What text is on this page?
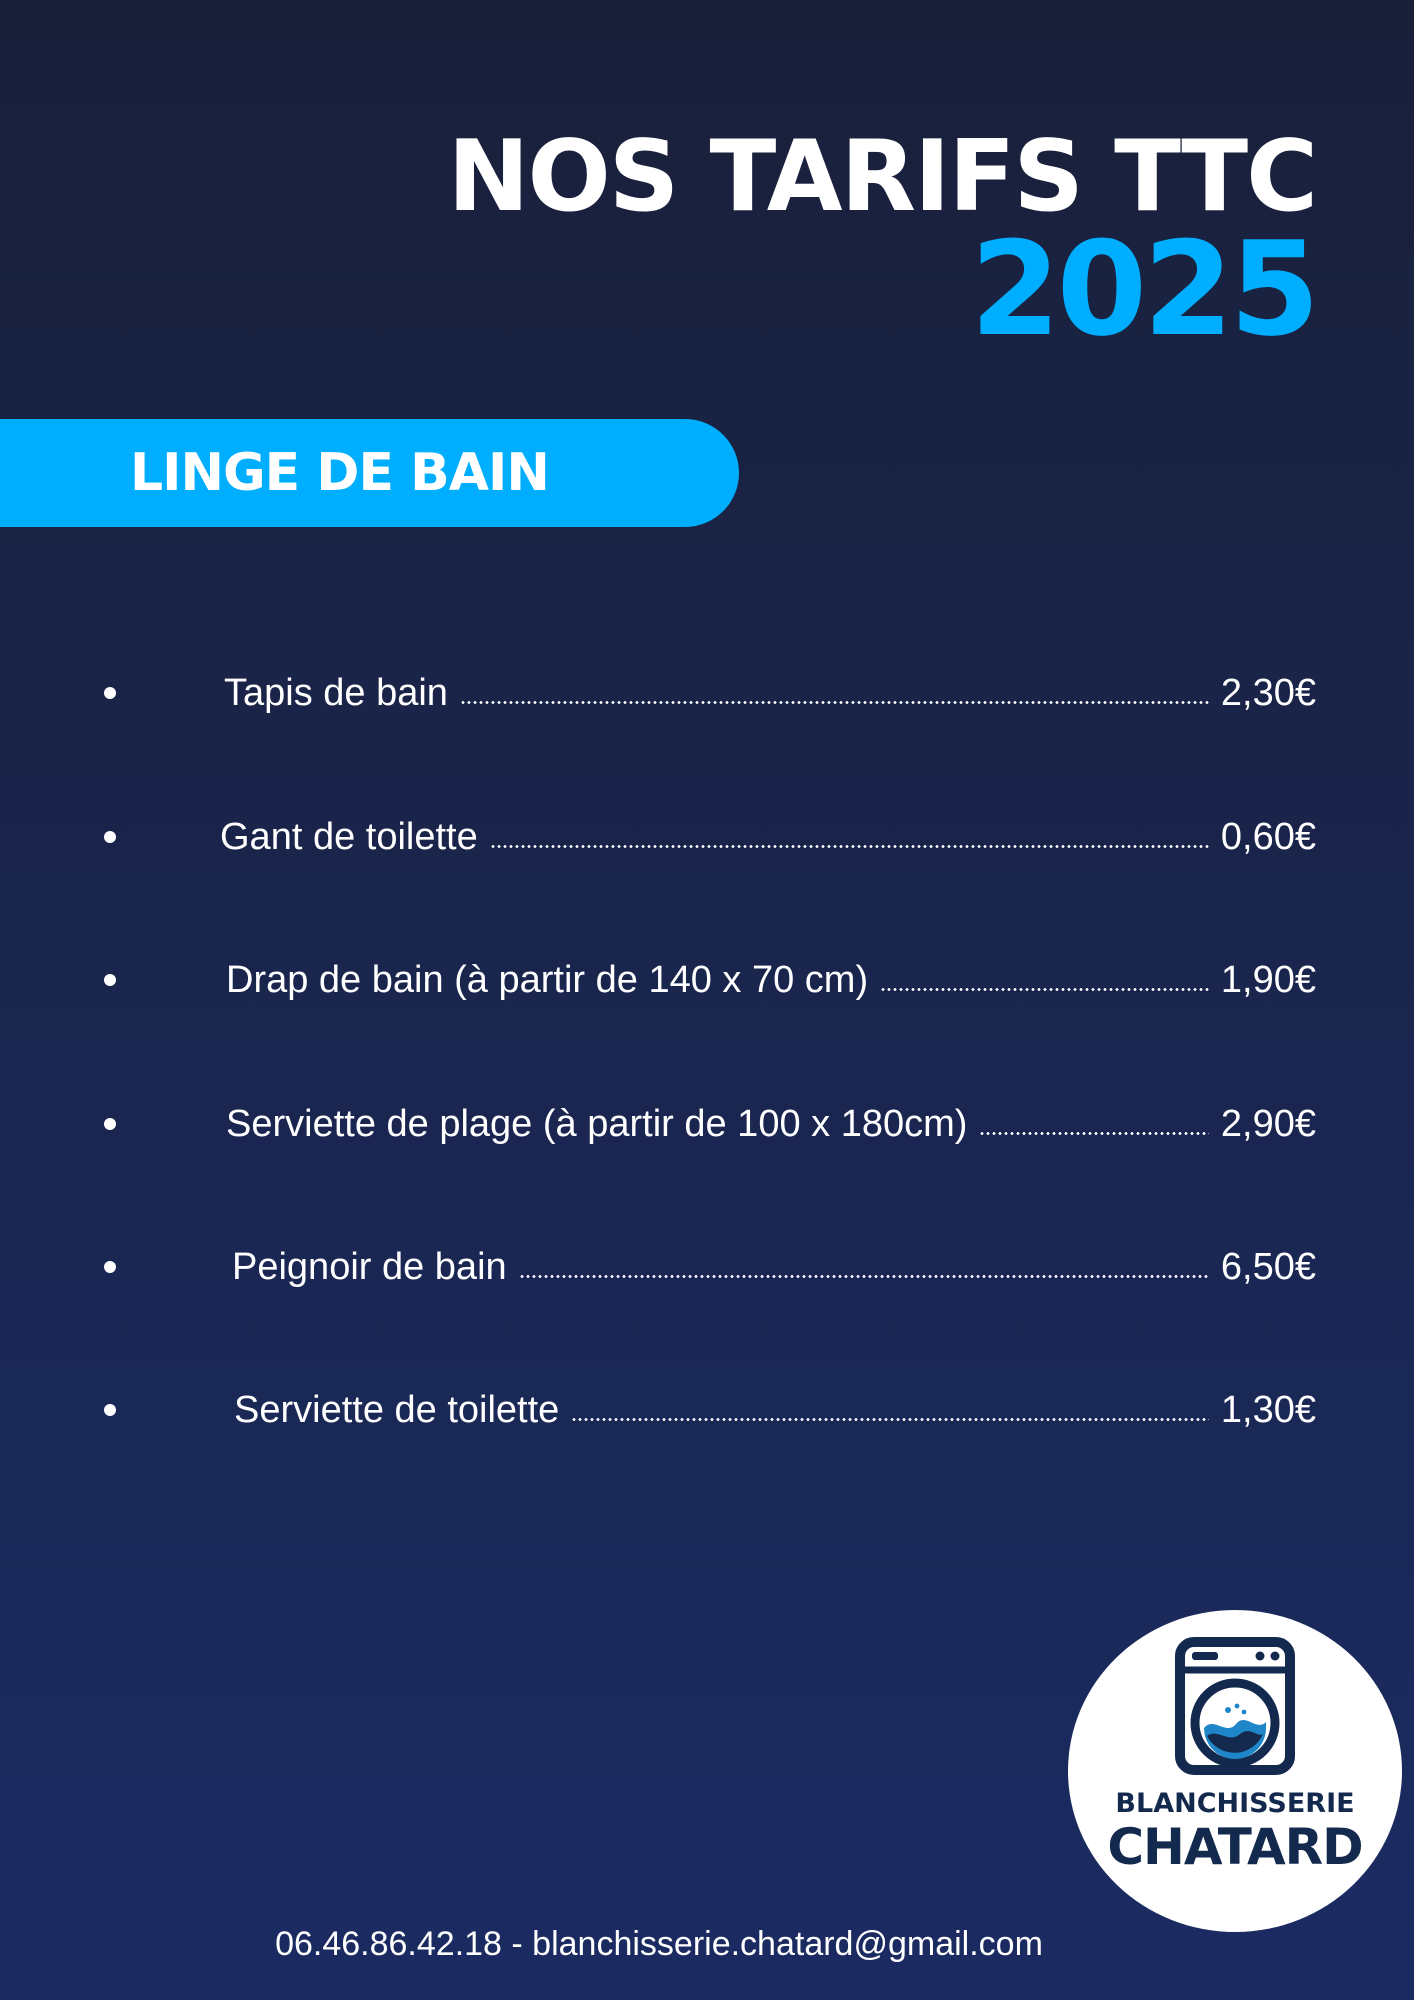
NOS TARIFS TTC
2025
LINGE DE BAIN
Tapis de bain	2,30€
Gant de toilette	0,60€
Drap de bain (à partir de 140 x 70 cm)	1,90€
Serviette de plage (à partir de 100 x 180cm)	2,90€
Peignoir de bain	6,50€
Serviette de toilette	1,30€
BLANCHISSERIE
CHATARD

06.46.86.42.18 - blanchisserie.chatard@gmail.com
